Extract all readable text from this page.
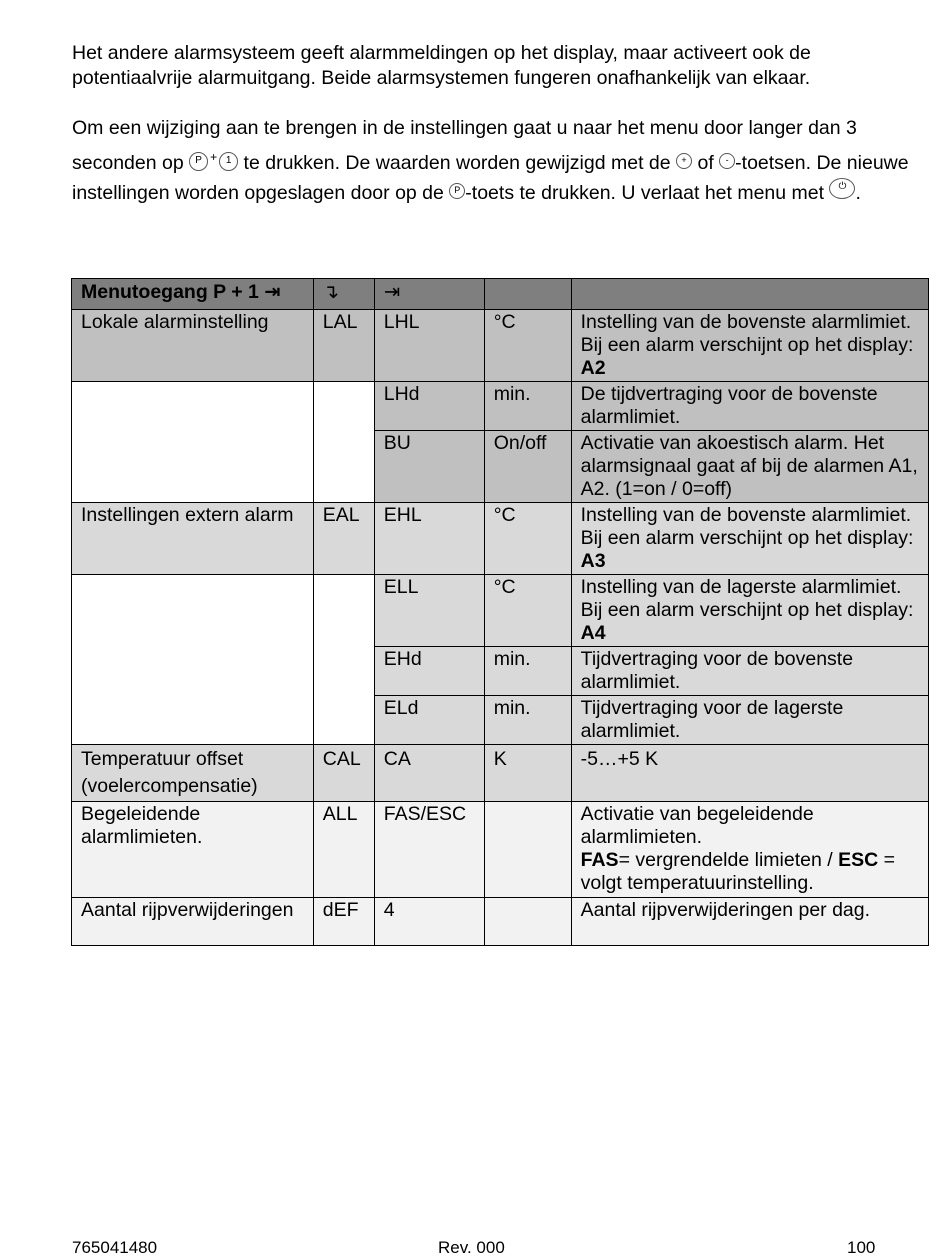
Het andere alarmsysteem geeft alarmmeldingen op het display, maar activeert ook de potentiaalvrije alarmuitgang. Beide alarmsystemen fungeren onafhankelijk van elkaar.

Om een wijziging aan te brengen in de instellingen gaat u naar het menu door langer dan 3 seconden op P + 1 te drukken. De waarden worden gewijzigd met de + of - -toetsen. De nieuwe instellingen worden opgeslagen door op de P -toets te drukken. U verlaat het menu met ⏻ .

Menutoegang P + 1 ⇥	↴	⇥		
Lokale alarminstelling	LAL	LHL	°C	Instelling van de bovenste alarmlimiet. Bij een alarm verschijnt op het display: A2
		LHd	min.	De tijdvertraging voor de bovenste alarmlimiet.
		BU	On/off	Activatie van akoestisch alarm. Het alarmsignaal gaat af bij de alarmen A1, A2. (1=on / 0=off)
Instellingen extern alarm	EAL	EHL	°C	Instelling van de bovenste alarmlimiet. Bij een alarm verschijnt op het display: A3
		ELL	°C	Instelling van de lagerste alarmlimiet. Bij een alarm verschijnt op het display: A4
		EHd	min.	Tijdvertraging voor de bovenste alarmlimiet.
		ELd	min.	Tijdvertraging voor de lagerste alarmlimiet.
Temperatuur offset (voelercompensatie)	CAL	CA	K	-5…+5 K
Begeleidende alarmlimieten.	ALL	FAS/ESC		Activatie van begeleidende alarmlimieten.
FAS= vergrendelde limieten / ESC = volgt temperatuurinstelling.
Aantal rijpverwijderingen	dEF	4		Aantal rijpverwijderingen per dag.

765041480	Rev. 000	100
